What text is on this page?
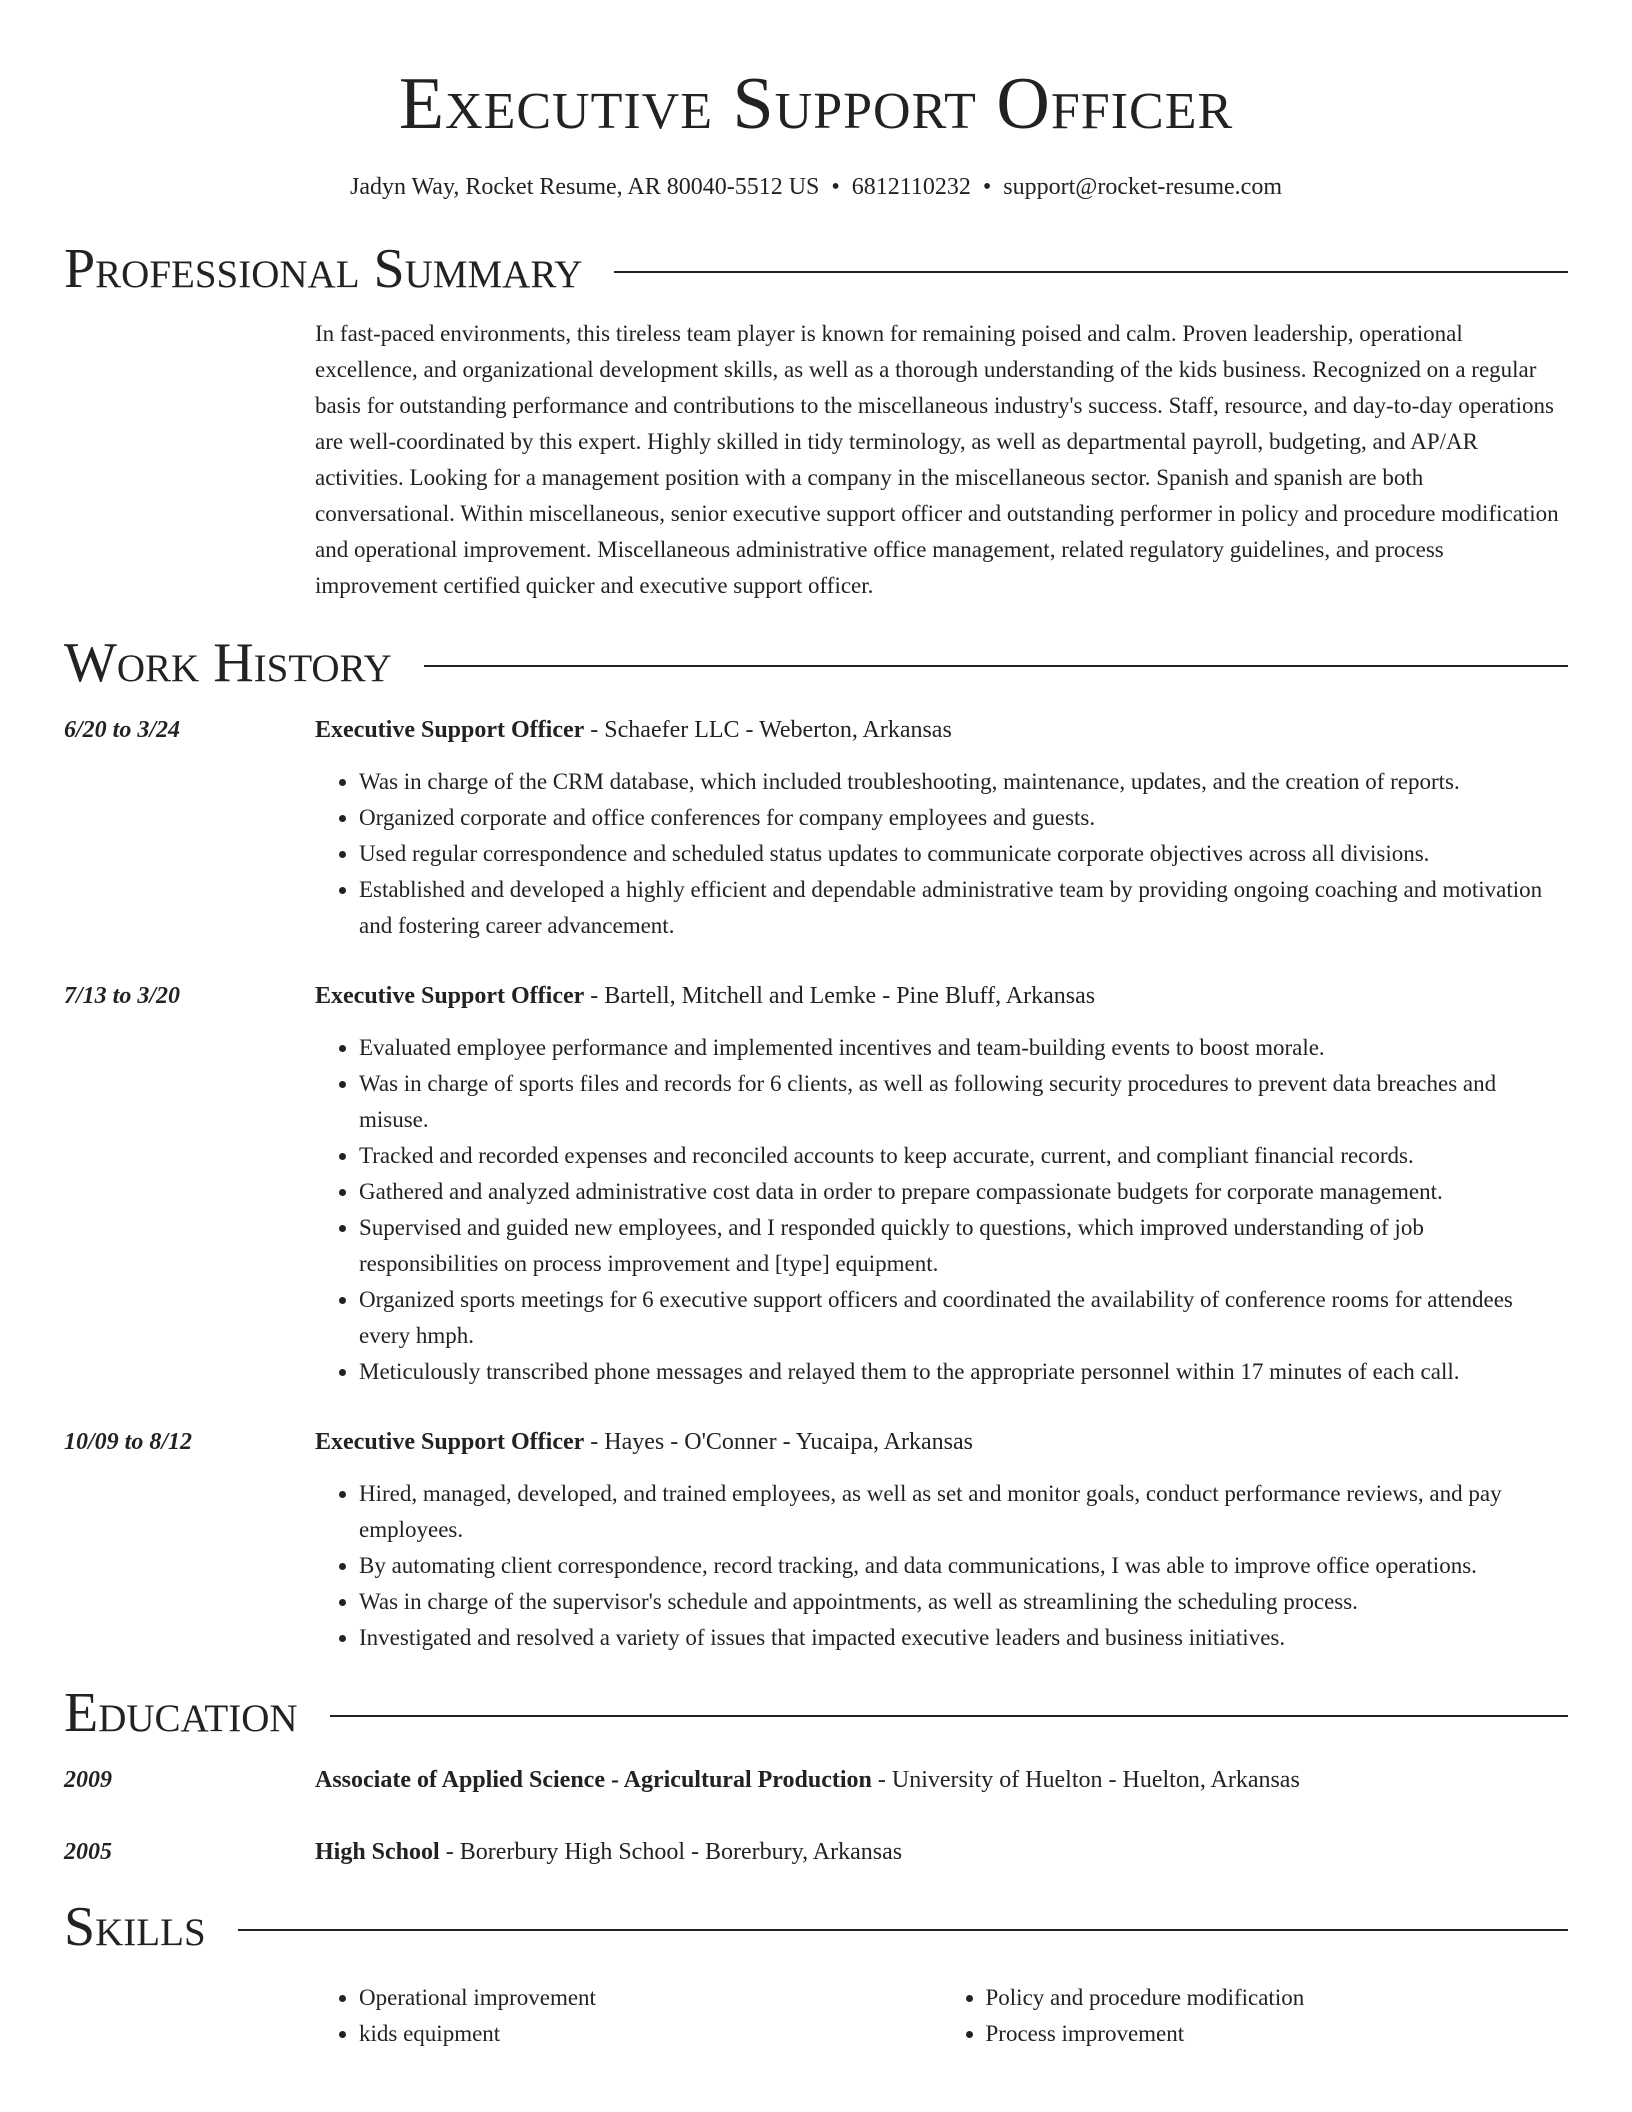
Executive Support Officer
Jadyn Way, Rocket Resume, AR 80040-5512 US • 6812110232 • support@rocket-resume.com
Professional Summary
In fast-paced environments, this tireless team player is known for remaining poised and calm. Proven leadership, operational excellence, and organizational development skills, as well as a thorough understanding of the kids business. Recognized on a regular basis for outstanding performance and contributions to the miscellaneous industry's success. Staff, resource, and day-to-day operations are well-coordinated by this expert. Highly skilled in tidy terminology, as well as departmental payroll, budgeting, and AP/AR activities. Looking for a management position with a company in the miscellaneous sector. Spanish and spanish are both conversational. Within miscellaneous, senior executive support officer and outstanding performer in policy and procedure modification and operational improvement. Miscellaneous administrative office management, related regulatory guidelines, and process improvement certified quicker and executive support officer.
Work History
6/20 to 3/24	Executive Support Officer - Schaefer LLC - Weberton, Arkansas
• Was in charge of the CRM database, which included troubleshooting, maintenance, updates, and the creation of reports.
• Organized corporate and office conferences for company employees and guests.
• Used regular correspondence and scheduled status updates to communicate corporate objectives across all divisions.
• Established and developed a highly efficient and dependable administrative team by providing ongoing coaching and motivation and fostering career advancement.
7/13 to 3/20	Executive Support Officer - Bartell, Mitchell and Lemke - Pine Bluff, Arkansas
• Evaluated employee performance and implemented incentives and team-building events to boost morale.
• Was in charge of sports files and records for 6 clients, as well as following security procedures to prevent data breaches and misuse.
• Tracked and recorded expenses and reconciled accounts to keep accurate, current, and compliant financial records.
• Gathered and analyzed administrative cost data in order to prepare compassionate budgets for corporate management.
• Supervised and guided new employees, and I responded quickly to questions, which improved understanding of job responsibilities on process improvement and [type] equipment.
• Organized sports meetings for 6 executive support officers and coordinated the availability of conference rooms for attendees every hmph.
• Meticulously transcribed phone messages and relayed them to the appropriate personnel within 17 minutes of each call.
10/09 to 8/12	Executive Support Officer - Hayes - O'Conner - Yucaipa, Arkansas
• Hired, managed, developed, and trained employees, as well as set and monitor goals, conduct performance reviews, and pay employees.
• By automating client correspondence, record tracking, and data communications, I was able to improve office operations.
• Was in charge of the supervisor's schedule and appointments, as well as streamlining the scheduling process.
• Investigated and resolved a variety of issues that impacted executive leaders and business initiatives.
Education
2009	Associate of Applied Science - Agricultural Production - University of Huelton - Huelton, Arkansas
2005	High School - Borerbury High School - Borerbury, Arkansas
Skills
• Operational improvement
• kids equipment
• Policy and procedure modification
• Process improvement
